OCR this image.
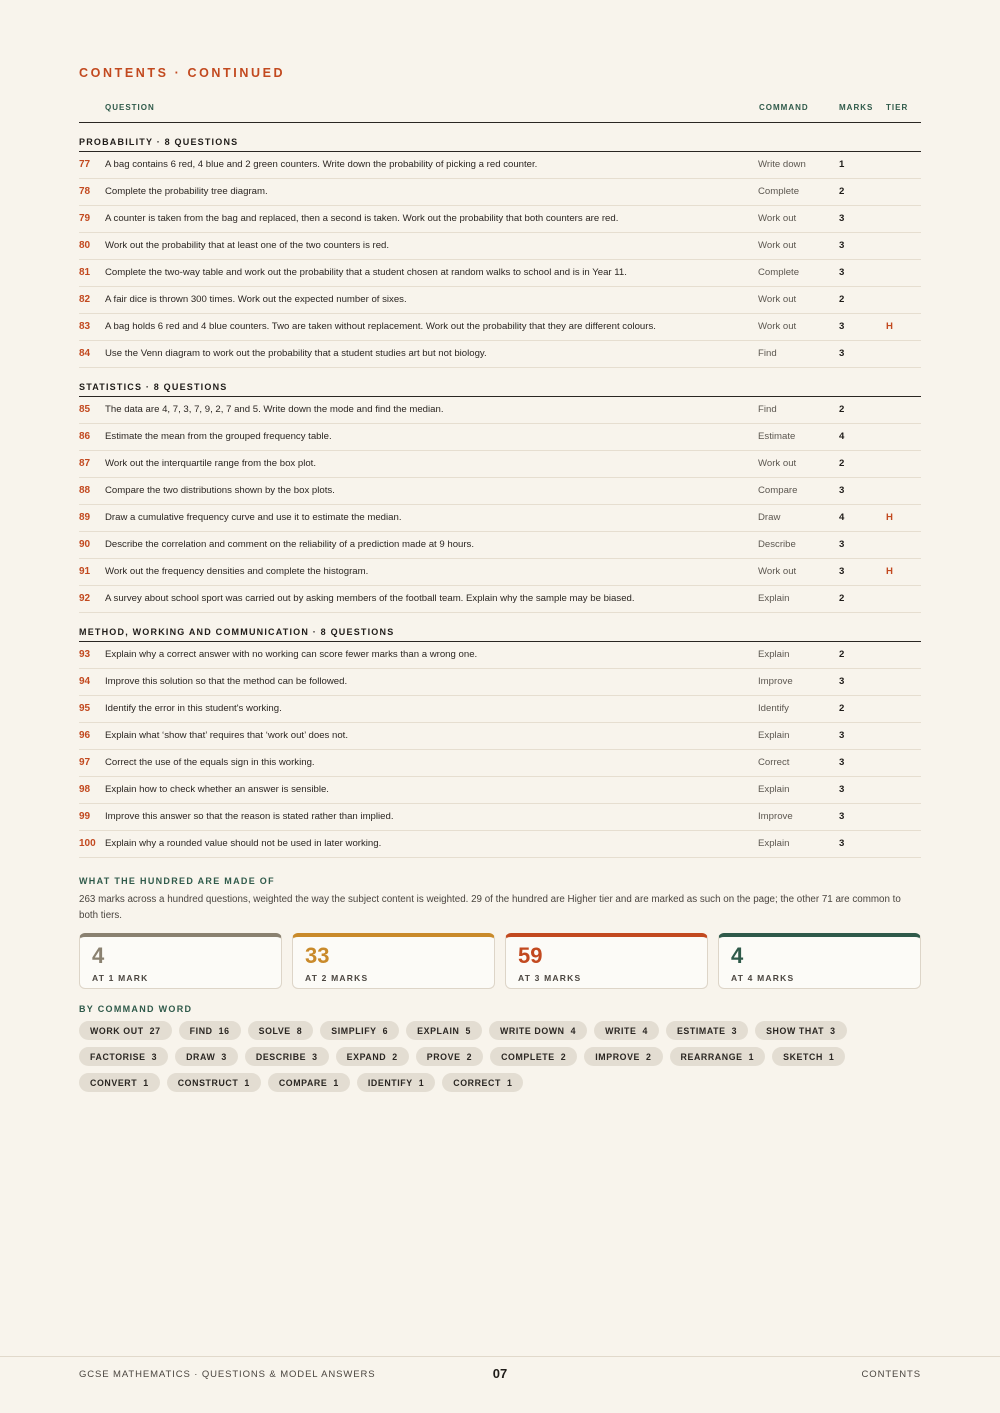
CONTENTS · CONTINUED
QUESTION	COMMAND	MARKS	TIER
PROBABILITY · 8 QUESTIONS
77	A bag contains 6 red, 4 blue and 2 green counters. Write down the probability of picking a red counter.	Write down	1
78	Complete the probability tree diagram.	Complete	2
79	A counter is taken from the bag and replaced, then a second is taken. Work out the probability that both counters are red.	Work out	3
80	Work out the probability that at least one of the two counters is red.	Work out	3
81	Complete the two-way table and work out the probability that a student chosen at random walks to school and is in Year 11.	Complete	3
82	A fair dice is thrown 300 times. Work out the expected number of sixes.	Work out	2
83	A bag holds 6 red and 4 blue counters. Two are taken without replacement. Work out the probability that they are different colours.	Work out	3	H
84	Use the Venn diagram to work out the probability that a student studies art but not biology.	Find	3
STATISTICS · 8 QUESTIONS
85	The data are 4, 7, 3, 7, 9, 2, 7 and 5. Write down the mode and find the median.	Find	2
86	Estimate the mean from the grouped frequency table.	Estimate	4
87	Work out the interquartile range from the box plot.	Work out	2
88	Compare the two distributions shown by the box plots.	Compare	3
89	Draw a cumulative frequency curve and use it to estimate the median.	Draw	4	H
90	Describe the correlation and comment on the reliability of a prediction made at 9 hours.	Describe	3
91	Work out the frequency densities and complete the histogram.	Work out	3	H
92	A survey about school sport was carried out by asking members of the football team. Explain why the sample may be biased.	Explain	2
METHOD, WORKING AND COMMUNICATION · 8 QUESTIONS
93	Explain why a correct answer with no working can score fewer marks than a wrong one.	Explain	2
94	Improve this solution so that the method can be followed.	Improve	3
95	Identify the error in this student's working.	Identify	2
96	Explain what ‘show that’ requires that ‘work out’ does not.	Explain	3
97	Correct the use of the equals sign in this working.	Correct	3
98	Explain how to check whether an answer is sensible.	Explain	3
99	Improve this answer so that the reason is stated rather than implied.	Improve	3
100 Explain why a rounded value should not be used in later working.	Explain	3
WHAT THE HUNDRED ARE MADE OF
263 marks across a hundred questions, weighted the way the subject content is weighted. 29 of the hundred are Higher tier and are marked as such on the page; the other 71 are common to both tiers.
4
AT 1 MARK
33
AT 2 MARKS
59
AT 3 MARKS
4
AT 4 MARKS
BY COMMAND WORD
WORK OUT 27	FIND 16	SOLVE 8	SIMPLIFY 6	EXPLAIN 5	WRITE DOWN 4	WRITE 4	ESTIMATE 3	SHOW THAT 3
FACTORISE 3	DRAW 3	DESCRIBE 3	EXPAND 2	PROVE 2	COMPLETE 2	IMPROVE 2	REARRANGE 1	SKETCH 1
CONVERT 1	CONSTRUCT 1	COMPARE 1	IDENTIFY 1	CORRECT 1
GCSE MATHEMATICS · QUESTIONS & MODEL ANSWERS	07	CONTENTS
